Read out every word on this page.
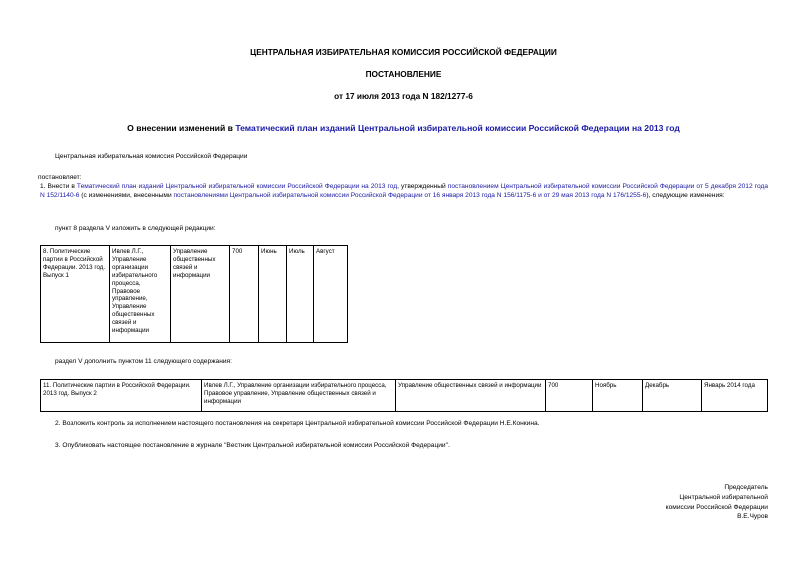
ЦЕНТРАЛЬНАЯ ИЗБИРАТЕЛЬНАЯ КОМИССИЯ РОССИЙСКОЙ ФЕДЕРАЦИИ
ПОСТАНОВЛЕНИЕ
от 17 июля 2013 года N 182/1277-6
О внесении изменений в Тематический план изданий Центральной избирательной комиссии Российской Федерации на 2013 год
Центральная избирательная комиссия Российской Федерации
постановляет:
1. Внести в Тематический план изданий Центральной избирательной комиссии Российской Федерации на 2013 год, утвержденный постановлением Центральной избирательной комиссии Российской Федерации от 5 декабря 2012 года N 152/1140-6 (с изменениями, внесенными постановлениями Центральной избирательной комиссии Российской Федерации от 16 января 2013 года N 156/1175-6 и от 29 мая 2013 года N 176/1255-6), следующие изменения:
пункт 8 раздела V изложить в следующей редакции:
8. Политические партии в Российской Федерации. 2013 год. Выпуск 1	Ивлев Л.Г., Управление организации избирательного процесса, Правовое управление, Управление общественных связей и информации	Управление общественных связей и информации	700	Июнь	Июль	Август
раздел V дополнить пунктом 11 следующего содержания:
11. Политические партии в Российской Федерации. 2013 год. Выпуск 2	Ивлев Л.Г., Управление организации избирательного процесса, Правовое управление, Управление общественных связей и информации	Управление общественных связей и информации	700	Ноябрь	Декабрь	Январь 2014 года
2. Возложить контроль за исполнением настоящего постановления на секретаря Центральной избирательной комиссии Российской Федерации Н.Е.Конкина.
3. Опубликовать настоящее постановление в журнале "Вестник Центральной избирательной комиссии Российской Федерации".
Председатель
Центральной избирательной
комиссии Российской Федерации
В.Е.Чуров
